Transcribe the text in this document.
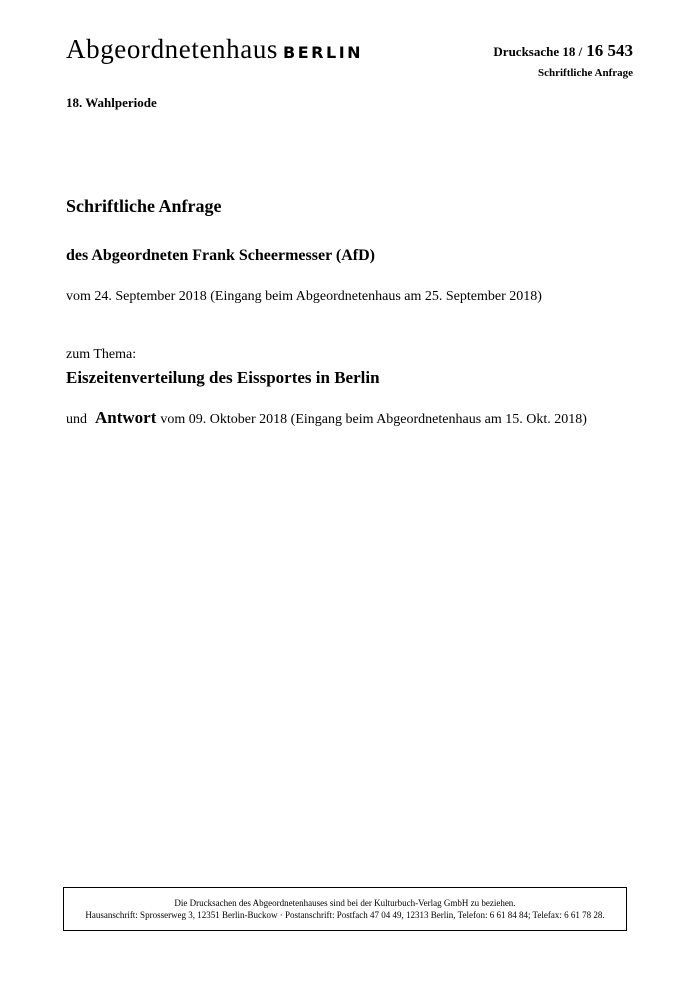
Abgeordnetenhaus BERLIN	Drucksache 18 / 16 543
Schriftliche Anfrage
18. Wahlperiode
Schriftliche Anfrage
des Abgeordneten Frank Scheermesser (AfD)
vom 24. September 2018 (Eingang beim Abgeordnetenhaus am 25. September 2018)
zum Thema:
Eiszeitenverteilung des Eissportes in Berlin
und Antwort vom 09. Oktober 2018 (Eingang beim Abgeordnetenhaus am 15. Okt. 2018)
Die Drucksachen des Abgeordnetenhauses sind bei der Kulturbuch-Verlag GmbH zu beziehen.
Hausanschrift: Sprosserweg 3, 12351 Berlin-Buckow · Postanschrift: Postfach 47 04 49, 12313 Berlin, Telefon: 6 61 84 84; Telefax: 6 61 78 28.
